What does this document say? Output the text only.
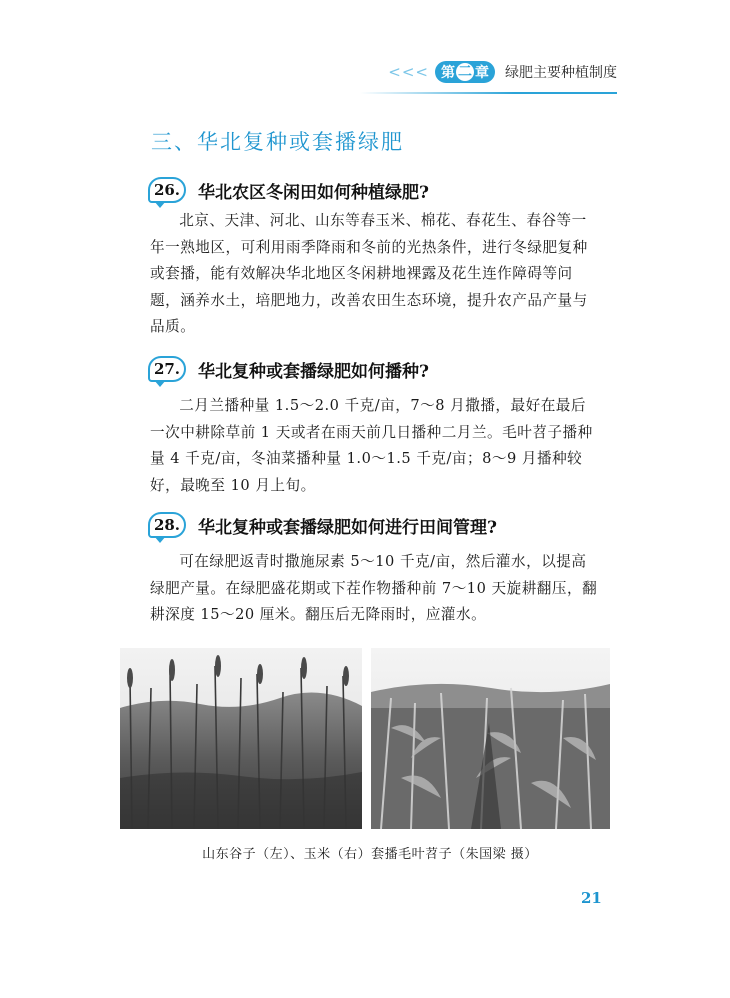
<<< 第 二 章 绿肥主要种植制度
三、华北复种或套播绿肥
26.	华北农区冬闲田如何种植绿肥?
北京、天津、河北、山东等春玉米、棉花、春花生、春谷等一
年一熟地区，可利用雨季降雨和冬前的光热条件，进行冬绿肥复种
或套播，能有效解决华北地区冬闲耕地裸露及花生连作障碍等问
题，涵养水土，培肥地力，改善农田生态环境，提升农产品产量与
品质。
27.	华北复种或套播绿肥如何播种?
二月兰播种量 1.5～2.0 千克/亩，7～8 月撒播，最好在最后
一次中耕除草前 1 天或者在雨天前几日播种二月兰。毛叶苕子播种
量 4 千克/亩，冬油菜播种量 1.0～1.5 千克/亩；8～9 月播种较
好，最晚至 10 月上旬。
28.	华北复种或套播绿肥如何进行田间管理?
可在绿肥返青时撒施尿素 5～10 千克/亩，然后灌水，以提高
绿肥产量。在绿肥盛花期或下茬作物播种前 7～10 天旋耕翻压，翻
耕深度 15～20 厘米。翻压后无降雨时，应灌水。
山东谷子（左）、玉米（右）套播毛叶苕子（朱国梁 摄）
21
